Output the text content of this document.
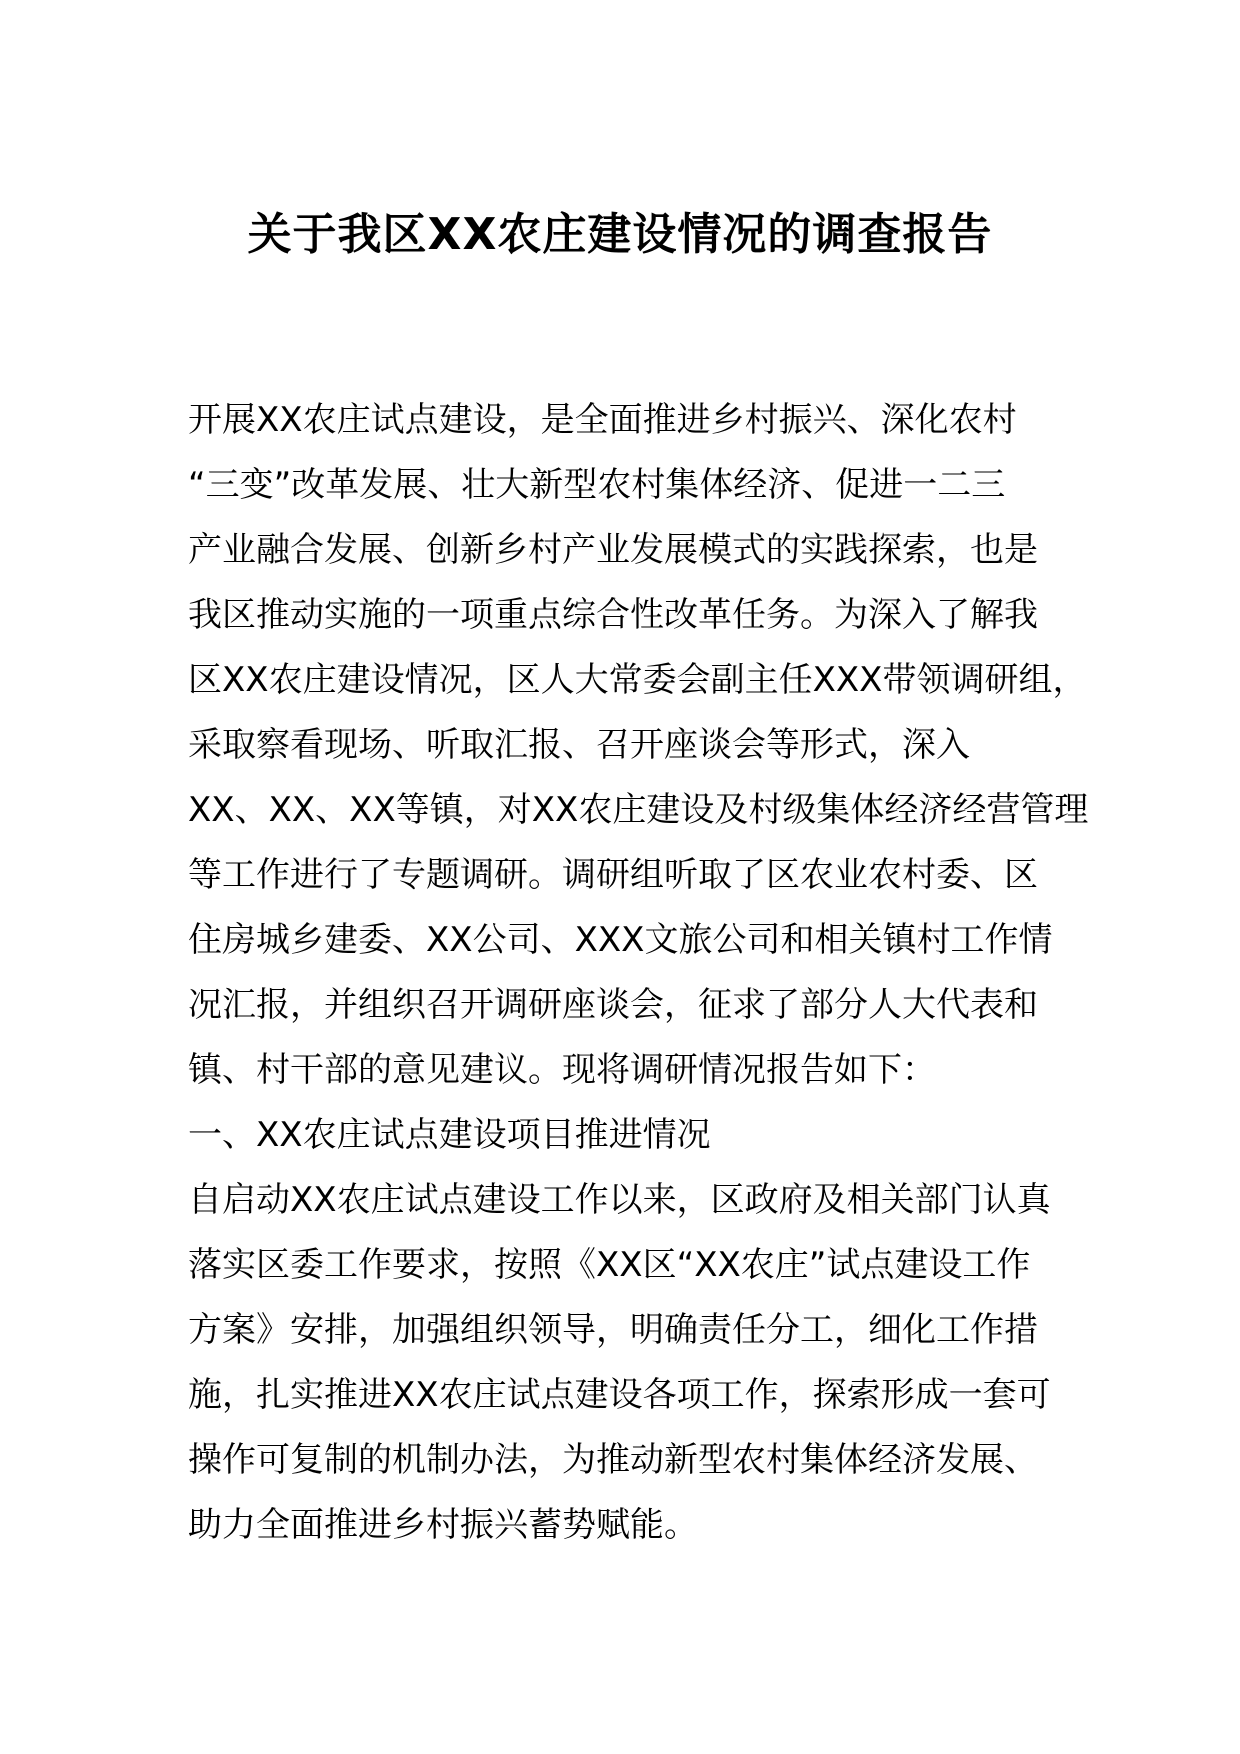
关于我区XX农庄建设情况的调查报告
开展XX农庄试点建设，是全面推进乡村振兴、深化农村
“三变”改革发展、壮大新型农村集体经济、促进一二三
产业融合发展、创新乡村产业发展模式的实践探索，也是
我区推动实施的一项重点综合性改革任务。为深入了解我
区XX农庄建设情况，区人大常委会副主任XXX带领调研组，
采取察看现场、听取汇报、召开座谈会等形式，深入
XX、XX、XX等镇，对XX农庄建设及村级集体经济经营管理
等工作进行了专题调研。调研组听取了区农业农村委、区
住房城乡建委、XX公司、XXX文旅公司和相关镇村工作情
况汇报，并组织召开调研座谈会，征求了部分人大代表和
镇、村干部的意见建议。现将调研情况报告如下：
一、XX农庄试点建设项目推进情况
自启动XX农庄试点建设工作以来，区政府及相关部门认真
落实区委工作要求，按照《XX区“XX农庄”试点建设工作
方案》安排，加强组织领导，明确责任分工，细化工作措
施，扎实推进XX农庄试点建设各项工作，探索形成一套可
操作可复制的机制办法，为推动新型农村集体经济发展、
助力全面推进乡村振兴蓄势赋能。
